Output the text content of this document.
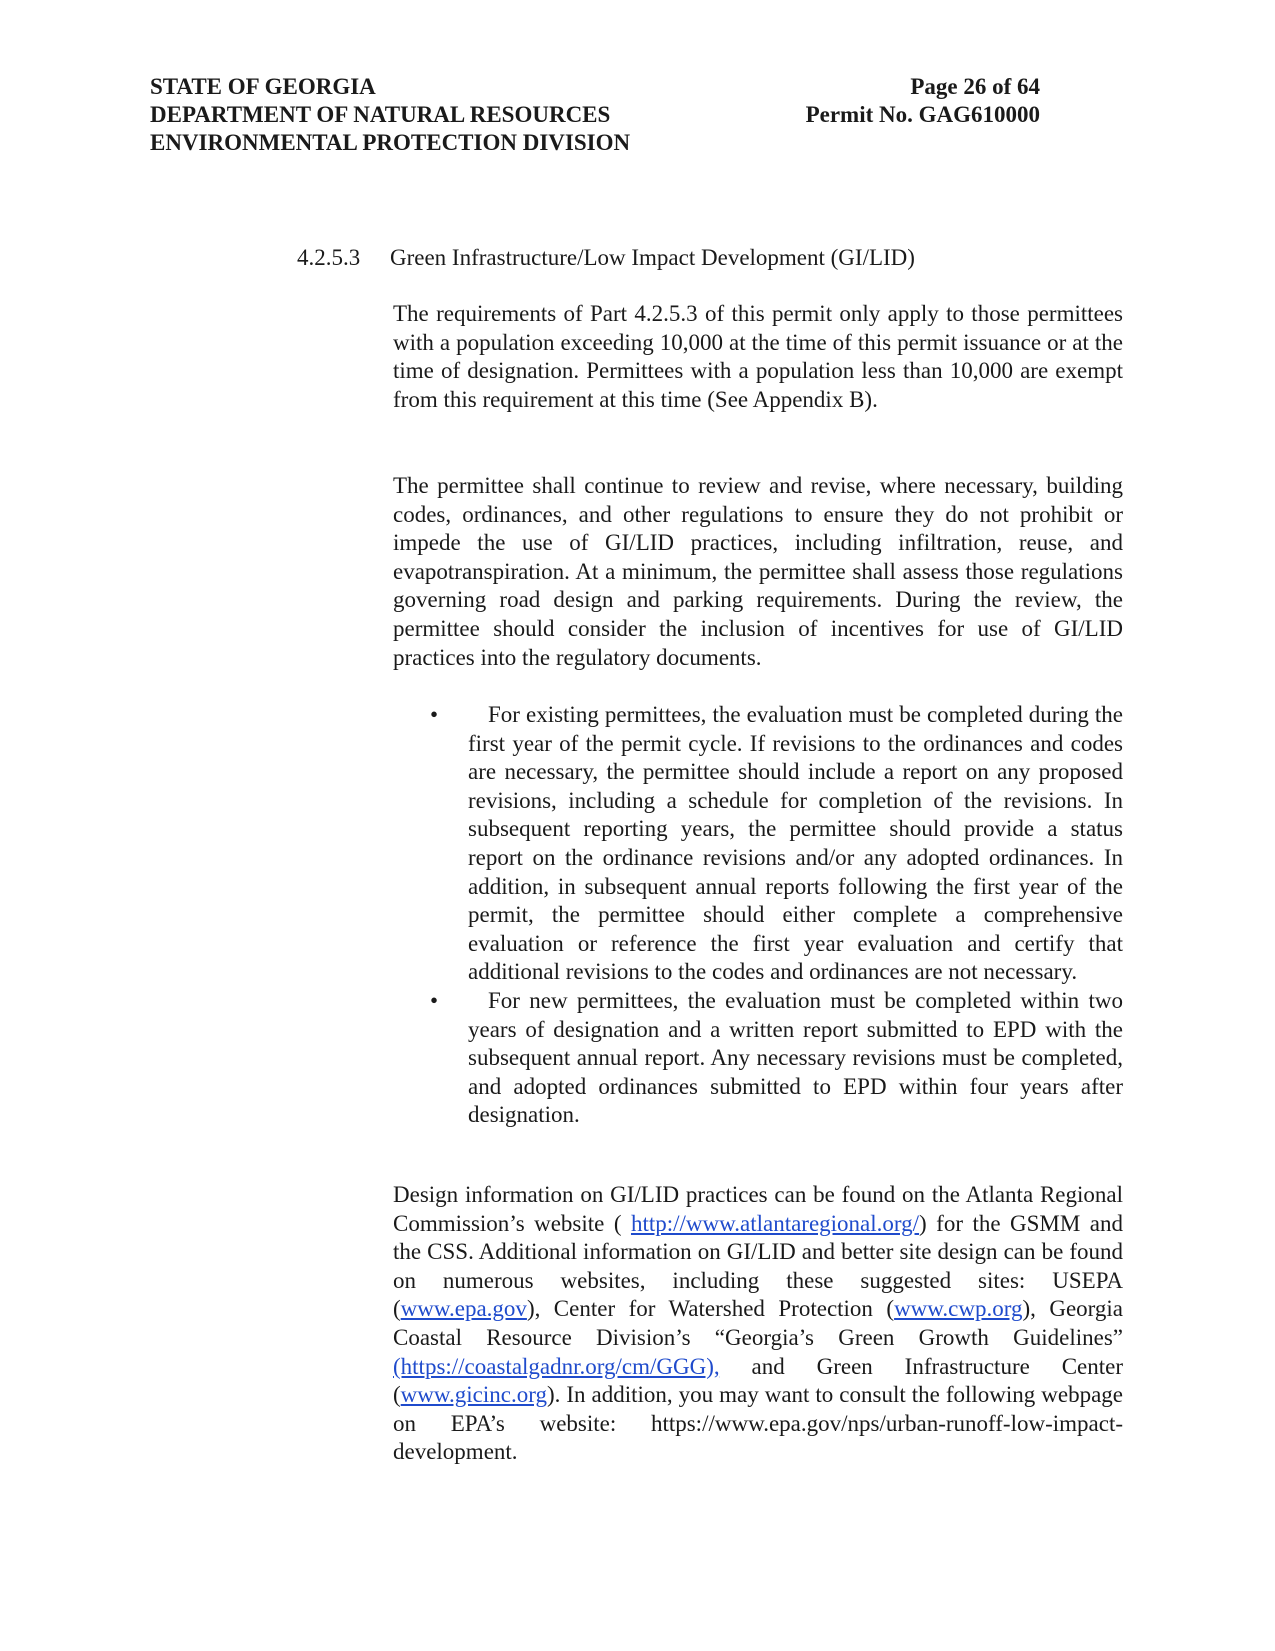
STATE OF GEORGIA
DEPARTMENT OF NATURAL RESOURCES
ENVIRONMENTAL PROTECTION DIVISION
Page 26 of 64
Permit No. GAG610000

4.2.5.3	Green Infrastructure/Low Impact Development (GI/LID)

The requirements of Part 4.2.5.3 of this permit only apply to those permittees with a population exceeding 10,000 at the time of this permit issuance or at the time of designation. Permittees with a population less than 10,000 are exempt from this requirement at this time (See Appendix B).

The permittee shall continue to review and revise, where necessary, building codes, ordinances, and other regulations to ensure they do not prohibit or impede the use of GI/LID practices, including infiltration, reuse, and evapotranspiration. At a minimum, the permittee shall assess those regulations governing road design and parking requirements. During the review, the permittee should consider the inclusion of incentives for use of GI/LID practices into the regulatory documents.

•	For existing permittees, the evaluation must be completed during the first year of the permit cycle. If revisions to the ordinances and codes are necessary, the permittee should include a report on any proposed revisions, including a schedule for completion of the revisions. In subsequent reporting years, the permittee should provide a status report on the ordinance revisions and/or any adopted ordinances. In addition, in subsequent annual reports following the first year of the permit, the permittee should either complete a comprehensive evaluation or reference the first year evaluation and certify that additional revisions to the codes and ordinances are not necessary.
•	For new permittees, the evaluation must be completed within two years of designation and a written report submitted to EPD with the subsequent annual report. Any necessary revisions must be completed, and adopted ordinances submitted to EPD within four years after designation.

Design information on GI/LID practices can be found on the Atlanta Regional Commission’s website ( http://www.atlantaregional.org/) for the GSMM and the CSS. Additional information on GI/LID and better site design can be found on numerous websites, including these suggested sites: USEPA (www.epa.gov), Center for Watershed Protection (www.cwp.org), Georgia Coastal Resource Division’s “Georgia’s Green Growth Guidelines” (https://coastalgadnr.org/cm/GGG), and Green Infrastructure Center (www.gicinc.org). In addition, you may want to consult the following webpage on EPA’s website: https://www.epa.gov/nps/urban-runoff-low-impact-development.
